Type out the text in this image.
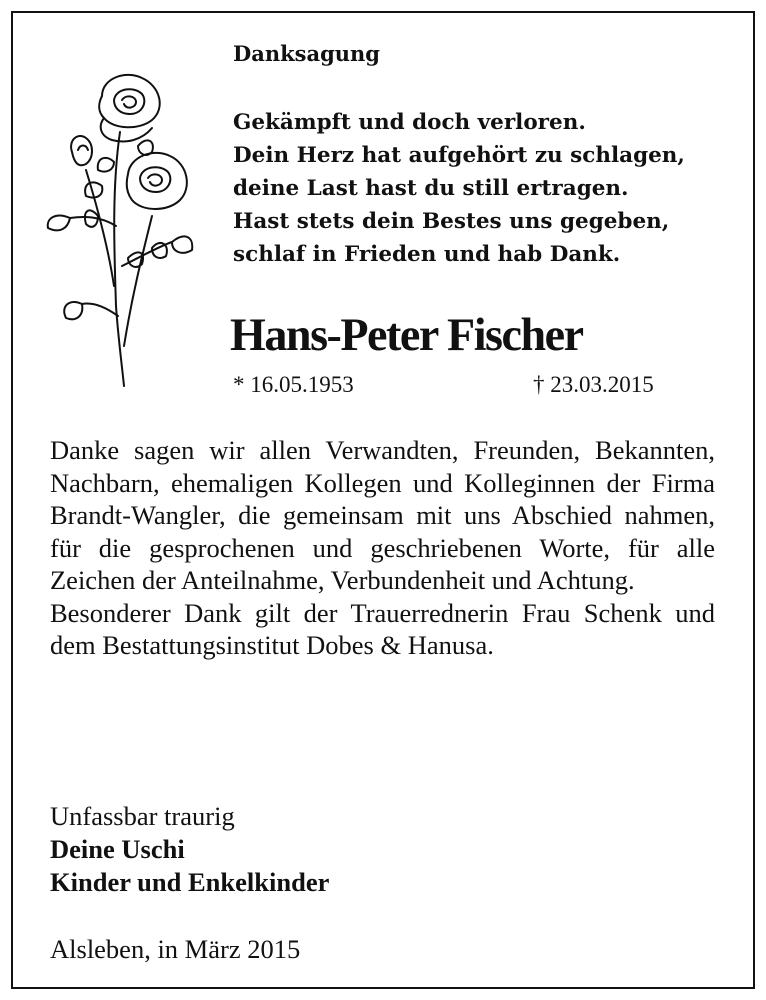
Danksagung
Gekämpft und doch verloren.
Dein Herz hat aufgehört zu schlagen,
deine Last hast du still ertragen.
Hast stets dein Bestes uns gegeben,
schlaf in Frieden und hab Dank.
Hans-Peter Fischer
* 16.05.1953	† 23.03.2015

Danke sagen wir allen Verwandten, Freunden, Bekannten, Nachbarn, ehemaligen Kollegen und Kolleginnen der Firma Brandt-Wangler, die gemeinsam mit uns Abschied nahmen, für die gesprochenen und geschriebenen Worte, für alle Zeichen der Anteilnahme, Verbundenheit und Achtung.

Besonderer Dank gilt der Trauerrednerin Frau Schenk und dem Bestattungsinstitut Dobes & Hanusa.

Unfassbar traurig
Deine Uschi
Kinder und Enkelkinder
Alsleben, in März 2015
